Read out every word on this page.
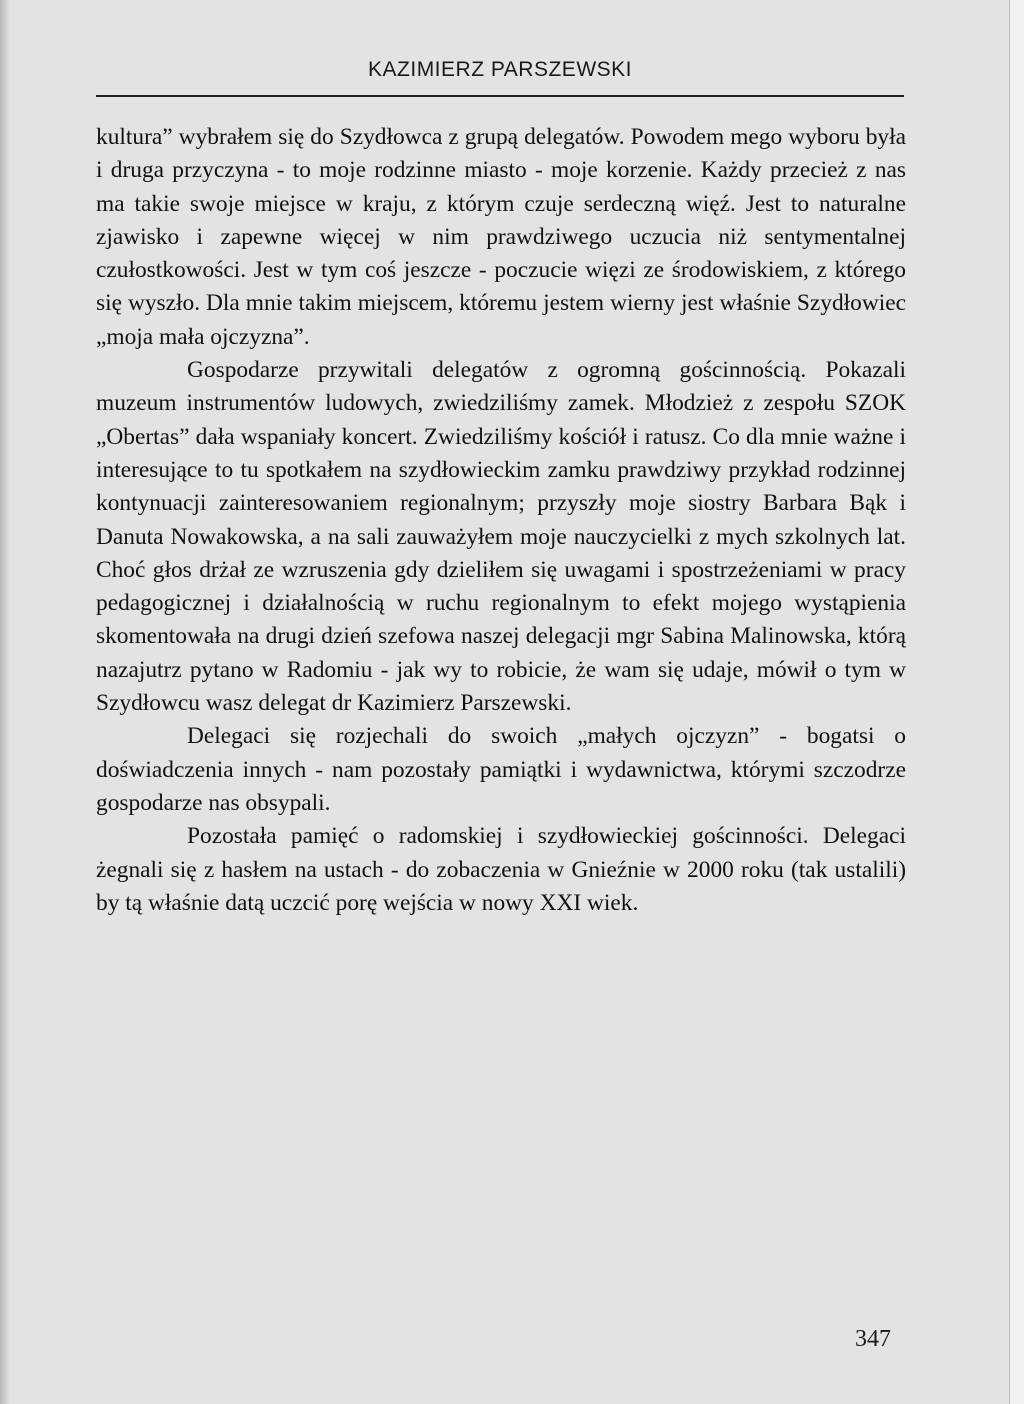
KAZIMIERZ PARSZEWSKI

kultura” wybrałem się do Szydłowca z grupą delegatów. Powodem mego wyboru była i druga przyczyna - to moje rodzinne miasto - moje korzenie. Każdy przecież z nas ma takie swoje miejsce w kraju, z którym czuje serdeczną więź. Jest to naturalne zjawisko i zapewne więcej w nim prawdziwego uczucia niż sentymentalnej czułostkowości. Jest w tym coś jeszcze - poczucie więzi ze środowiskiem, z którego się wyszło. Dla mnie takim miejscem, któremu jestem wierny jest właśnie Szydłowiec „moja mała ojczyzna”.

Gospodarze przywitali delegatów z ogromną gościnnością. Pokazali muzeum instrumentów ludowych, zwiedziliśmy zamek. Młodzież z zespołu SZOK „Obertas” dała wspaniały koncert. Zwiedziliśmy kościół i ratusz. Co dla mnie ważne i interesujące to tu spotkałem na szydłowieckim zamku prawdziwy przykład rodzinnej kontynuacji zainteresowaniem regionalnym; przyszły moje siostry Barbara Bąk i Danuta Nowakowska, a na sali zauważyłem moje nauczycielki z mych szkolnych lat. Choć głos drżał ze wzruszenia gdy dzieliłem się uwagami i spostrzeżeniami w pracy pedagogicznej i działalnością w ruchu regionalnym to efekt mojego wystąpienia skomentowała na drugi dzień szefowa naszej delegacji mgr Sabina Malinowska, którą nazajutrz pytano w Radomiu - jak wy to robicie, że wam się udaje, mówił o tym w Szydłowcu wasz delegat dr Kazimierz Parszewski.

Delegaci się rozjechali do swoich „małych ojczyzn” - bogatsi o doświadczenia innych - nam pozostały pamiątki i wydawnictwa, którymi szczodrze gospodarze nas obsypali.

Pozostała pamięć o radomskiej i szydłowieckiej gościnności. Delegaci żegnali się z hasłem na ustach - do zobaczenia w Gnieźnie w 2000 roku (tak ustalili) by tą właśnie datą uczcić porę wejścia w nowy XXI wiek.

347
